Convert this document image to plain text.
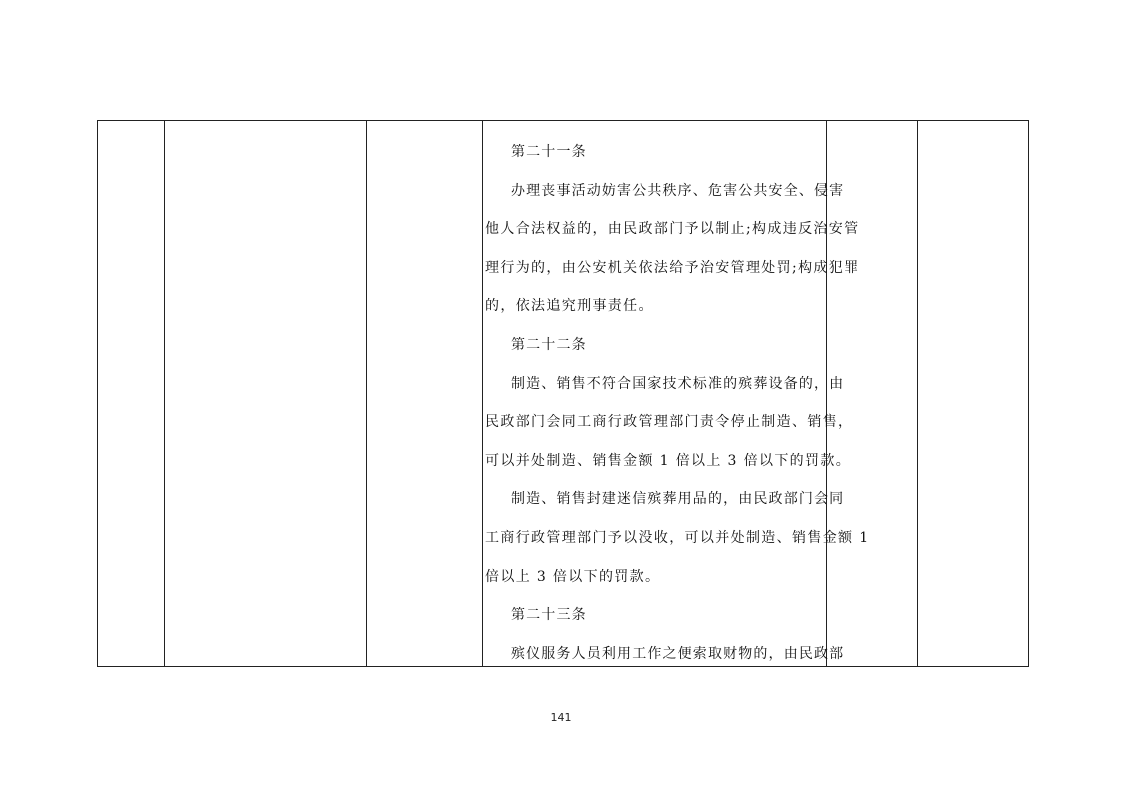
第二十一条
办理丧事活动妨害公共秩序、危害公共安全、侵害
他人合法权益的，由民政部门予以制止;构成违反治安管
理行为的，由公安机关依法给予治安管理处罚;构成犯罪
的，依法追究刑事责任。
第二十二条
制造、销售不符合国家技术标准的殡葬设备的，由
民政部门会同工商行政管理部门责令停止制造、销售，
可以并处制造、销售金额 1 倍以上 3 倍以下的罚款。
制造、销售封建迷信殡葬用品的，由民政部门会同
工商行政管理部门予以没收，可以并处制造、销售金额 1
倍以上 3 倍以下的罚款。
第二十三条
殡仪服务人员利用工作之便索取财物的，由民政部

141
